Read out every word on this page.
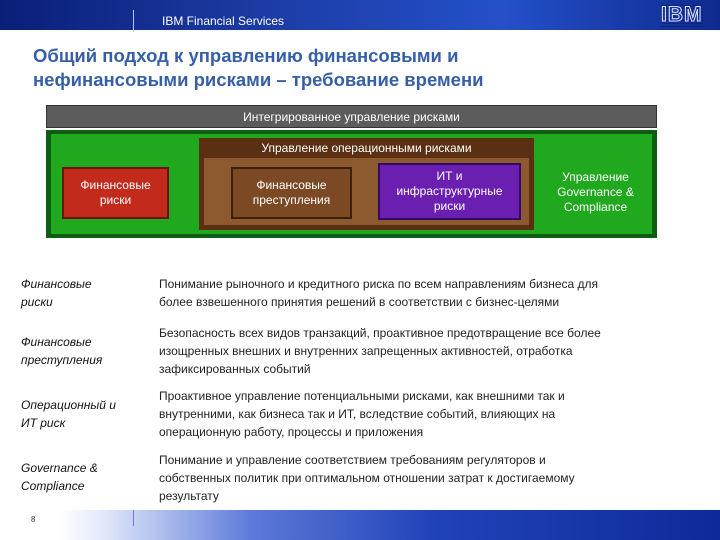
IBM Financial Services	IBM
Общий подход к управлению финансовыми и
нефинансовыми рисками – требование времени
Интегрированное управление рисками
Управление операционными рисками
Финансовые
риски
Финансовые
преступления
ИТ и
инфраструктурные
риски
Управление
Governance &
Compliance
Финансовые
риски
Понимание рыночного и кредитного риска по всем направлениям бизнеса для
более взвешенного принятия решений в соответствии с бизнес-целями
Финансовые
преступления
Безопасность всех видов транзакций, проактивное предотвращение все более
изощренных внешних и внутренних запрещенных активностей, отработка
зафиксированных событий
Операционный и
ИТ риск
Проактивное управление потенциальными рисками, как внешними так и
внутренними, как бизнеса так и ИТ, вследствие событий, влияющих на
операционную работу, процессы и приложения
Governance &
Compliance
Понимание и управление соответствием требованиям регуляторов и
собственных политик при оптимальном отношении затрат к достигаемому
результату
8
